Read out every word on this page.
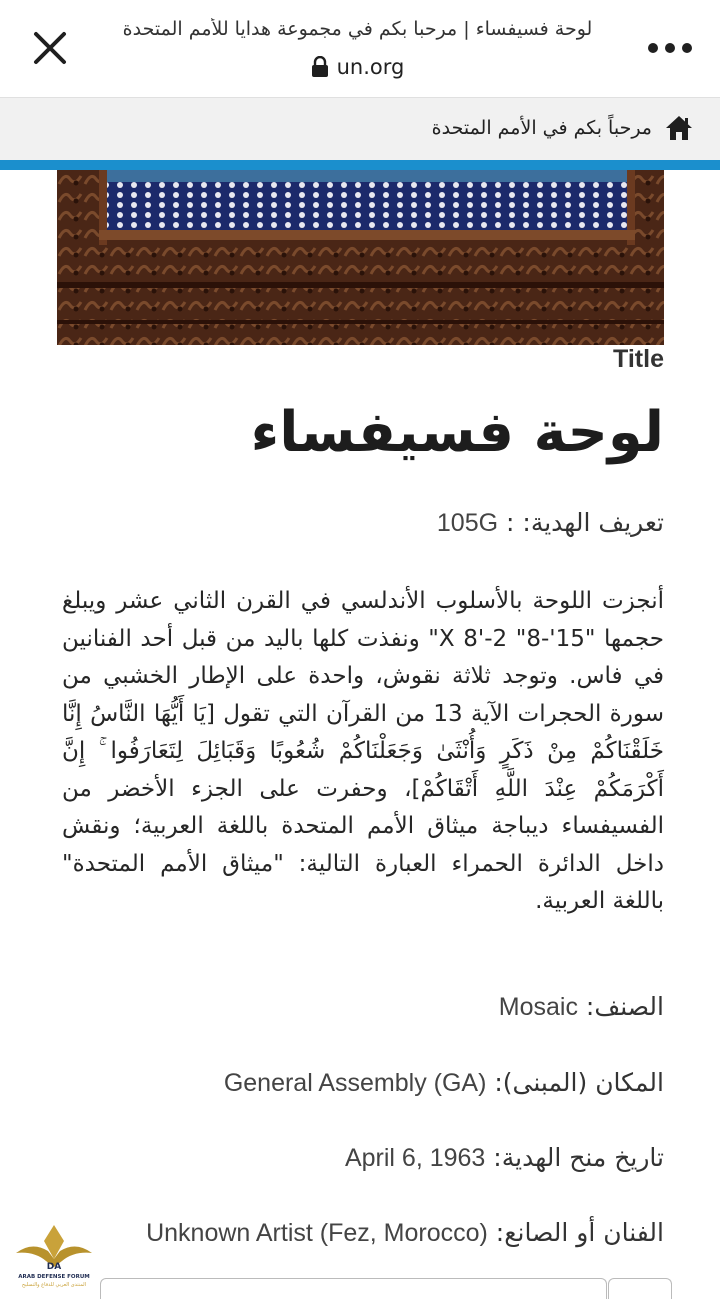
لوحة فسيفساء | مرحبا بكم في مجموعة هدايا للأمم المتحدة
un.org
مرحباً بكم في الأمم المتحدة
Title
لوحة فسيفساء
تعريف الهدية: : 105G
أنجزت اللوحة بالأسلوب الأندلسي في القرن الثاني عشر ويبلغ حجمها "15'-8" X 8'-2" ونفذت كلها باليد من قبل أحد الفنانين في فاس. وتوجد ثلاثة نقوش، واحدة على الإطار الخشبي من سورة الحجرات الآية 13 من القرآن التي تقول [يَا أَيُّهَا النَّاسُ إِنَّا خَلَقْنَاكُمْ مِنْ ذَكَرٍ وَأُنْثَىٰ وَجَعَلْنَاكُمْ شُعُوبًا وَقَبَائِلَ لِتَعَارَفُوا ۚ إِنَّ أَكْرَمَكُمْ عِنْدَ اللَّهِ أَتْقَاكُمْ]، وحفرت على الجزء الأخضر من الفسيفساء ديباجة ميثاق الأمم المتحدة باللغة العربية؛ ونقش داخل الدائرة الحمراء العبارة التالية: "ميثاق الأمم المتحدة" باللغة العربية.
الصنف: Mosaic
المكان (المبنى): General Assembly (GA)
تاريخ منح الهدية: April 6, 1963
الفنان أو الصانع: Unknown Artist (Fez, Morocco)
DA
ARAB DEFENSE FORUM
المنتدى العربي للدفاع والتسليح
